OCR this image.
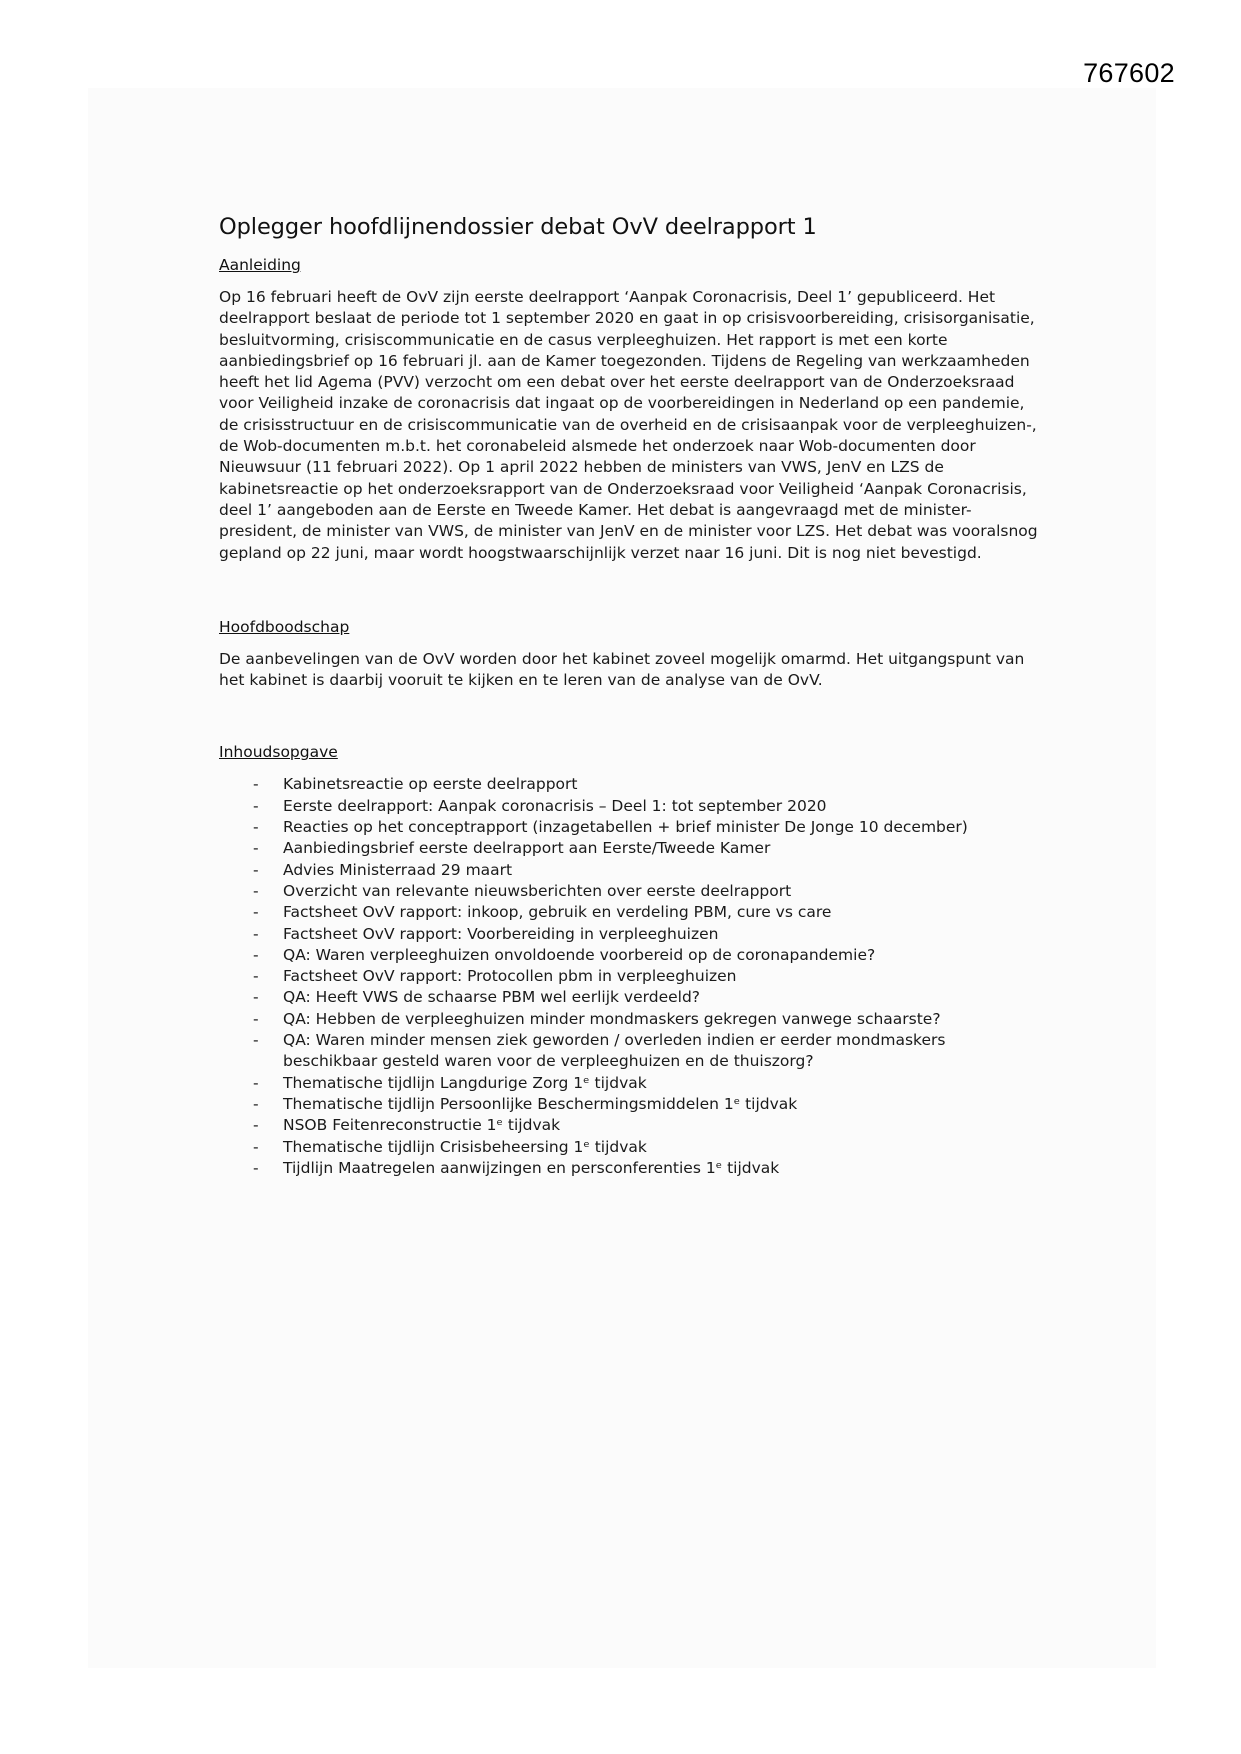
767602
Oplegger hoofdlijnendossier debat OvV deelrapport 1
Aanleiding

Op 16 februari heeft de OvV zijn eerste deelrapport ‘Aanpak Coronacrisis, Deel 1’ gepubliceerd. Het deelrapport beslaat de periode tot 1 september 2020 en gaat in op crisisvoorbereiding, crisisorganisatie, besluitvorming, crisiscommunicatie en de casus verpleeghuizen. Het rapport is met een korte aanbiedingsbrief op 16 februari jl. aan de Kamer toegezonden. Tijdens de Regeling van werkzaamheden heeft het lid Agema (PVV) verzocht om een debat over het eerste deelrapport van de Onderzoeksraad voor Veiligheid inzake de coronacrisis dat ingaat op de voorbereidingen in Nederland op een pandemie, de crisisstructuur en de crisiscommunicatie van de overheid en de crisisaanpak voor de verpleeghuizen-, de Wob-documenten m.b.t. het coronabeleid alsmede het onderzoek naar Wob-documenten door Nieuwsuur (11 februari 2022). Op 1 april 2022 hebben de ministers van VWS, JenV en LZS de kabinetsreactie op het onderzoeksrapport van de Onderzoeksraad voor Veiligheid ‘Aanpak Coronacrisis, deel 1’ aangeboden aan de Eerste en Tweede Kamer. Het debat is aangevraagd met de minister-president, de minister van VWS, de minister van JenV en de minister voor LZS. Het debat was vooralsnog gepland op 22 juni, maar wordt hoogstwaarschijnlijk verzet naar 16 juni. Dit is nog niet bevestigd.

Hoofdboodschap

De aanbevelingen van de OvV worden door het kabinet zoveel mogelijk omarmd. Het uitgangspunt van het kabinet is daarbij vooruit te kijken en te leren van de analyse van de OvV.

Inhoudsopgave
- Kabinetsreactie op eerste deelrapport
- Eerste deelrapport: Aanpak coronacrisis – Deel 1: tot september 2020
- Reacties op het conceptrapport (inzagetabellen + brief minister De Jonge 10 december)
- Aanbiedingsbrief eerste deelrapport aan Eerste/Tweede Kamer
- Advies Ministerraad 29 maart
- Overzicht van relevante nieuwsberichten over eerste deelrapport
- Factsheet OvV rapport: inkoop, gebruik en verdeling PBM, cure vs care
- Factsheet OvV rapport: Voorbereiding in verpleeghuizen
- QA: Waren verpleeghuizen onvoldoende voorbereid op de coronapandemie?
- Factsheet OvV rapport: Protocollen pbm in verpleeghuizen
- QA: Heeft VWS de schaarse PBM wel eerlijk verdeeld?
- QA: Hebben de verpleeghuizen minder mondmaskers gekregen vanwege schaarste?
- QA: Waren minder mensen ziek geworden / overleden indien er eerder mondmaskers beschikbaar gesteld waren voor de verpleeghuizen en de thuiszorg?
- Thematische tijdlijn Langdurige Zorg 1ᵉ tijdvak
- Thematische tijdlijn Persoonlijke Beschermingsmiddelen 1ᵉ tijdvak
- NSOB Feitenreconstructie 1ᵉ tijdvak
- Thematische tijdlijn Crisisbeheersing 1ᵉ tijdvak
- Tijdlijn Maatregelen aanwijzingen en persconferenties 1ᵉ tijdvak
